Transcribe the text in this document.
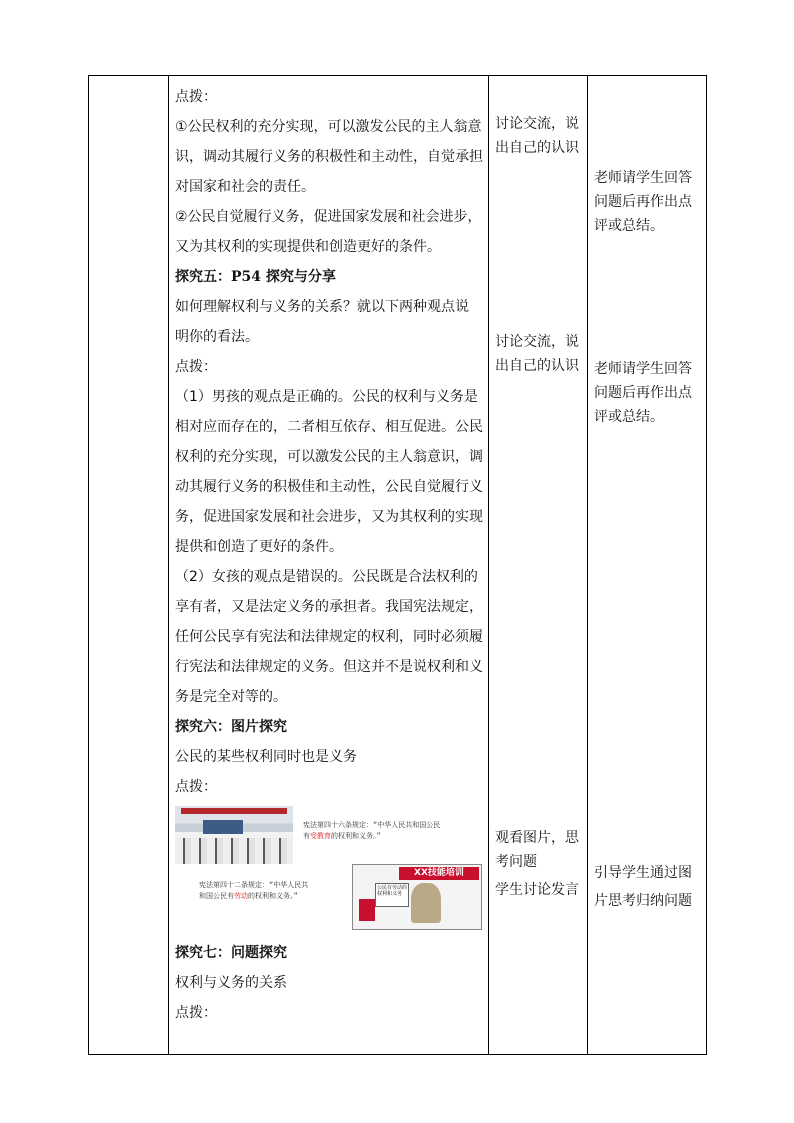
点拨：
①公民权利的充分实现，可以激发公民的主人翁意
识，调动其履行义务的积极性和主动性，自觉承担
对国家和社会的责任。
②公民自觉履行义务，促进国家发展和社会进步，
又为其权利的实现提供和创造更好的条件。
探究五：P54 探究与分享
如何理解权利与义务的关系？就以下两种观点说
明你的看法。
点拨：
（1）男孩的观点是正确的。公民的权利与义务是
相对应而存在的，二者相互依存、相互促进。公民
权利的充分实现，可以激发公民的主人翁意识，调
动其履行义务的积极佳和主动性，公民自觉履行义
务，促进国家发展和社会进步，又为其权利的实现
提供和创造了更好的条件。
（2）女孩的观点是错误的。公民既是合法权利的
享有者，又是法定义务的承担者。我国宪法规定，
任何公民享有宪法和法律规定的权利，同时必须履
行宪法和法律规定的义务。但这并不是说权利和义
务是完全对等的。
探究六：图片探究
公民的某些权利同时也是义务
点拨：
宪法第四十六条规定：“中华人民共和国公民
有受教育的权利和义务。”
宪法第四十二条规定：“中华人民共
和国公民有劳动的权利和义务。”
XX技能培训
公民有劳动的权利和义务
探究七：问题探究
权利与义务的关系
点拨：
讨论交流，说
出自己的认识
讨论交流，说
出自己的认识
观看图片，思
考问题
学生讨论发言
老师请学生回答
问题后再作出点
评或总结。
老师请学生回答
问题后再作出点
评或总结。
引导学生通过图
片思考归纳问题
